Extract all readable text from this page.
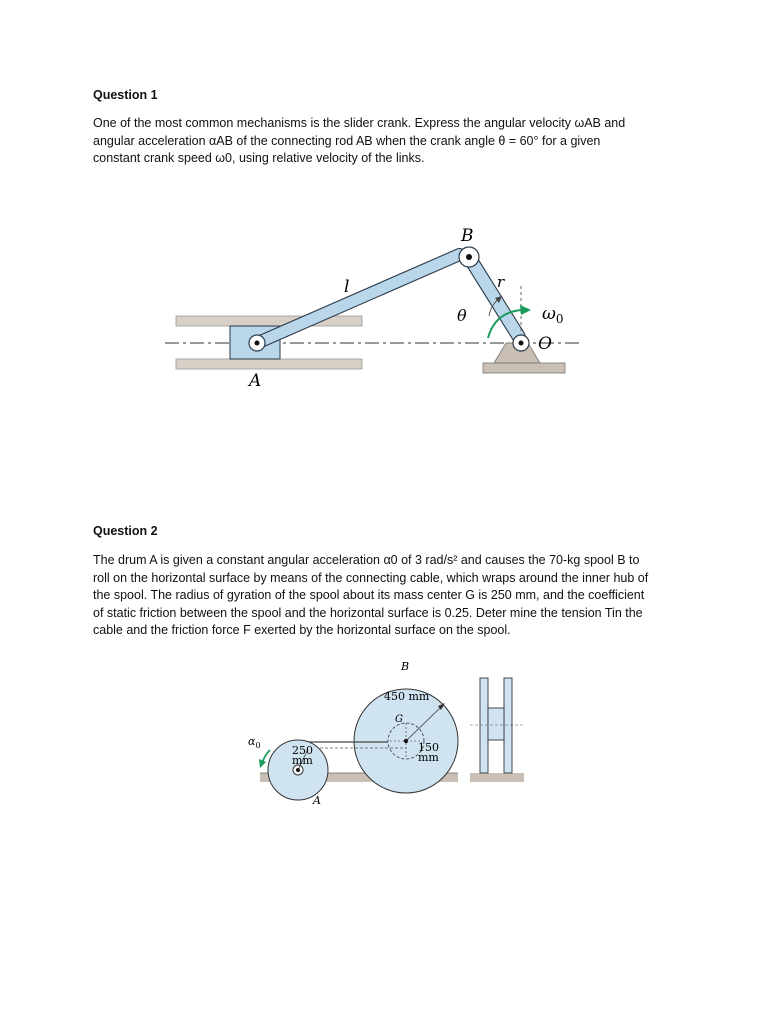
Question 1
One of the most common mechanisms is the slider crank. Express the angular velocity ωAB and
angular acceleration αAB of the connecting rod AB when the crank angle θ = 60° for a given
constant crank speed ω0, using relative velocity of the links.
A
B
l	r
θ	$\omega_0$
O
Question 2
The drum A is given a constant angular acceleration α0 of 3 rad/s² and causes the 70-kg spool B to
roll on the horizontal surface by means of the connecting cable, which wraps around the inner hub of
the spool. The radius of gyration of the spool about its mass center G is 250 mm, and the coefficient
of static friction between the spool and the horizontal surface is 0.25. Deter mine the tension Tin the
cable and the friction force F exerted by the horizontal surface on the spool.
B
450 mm
G
150
mm
250
mm
$\alpha_0$
A
